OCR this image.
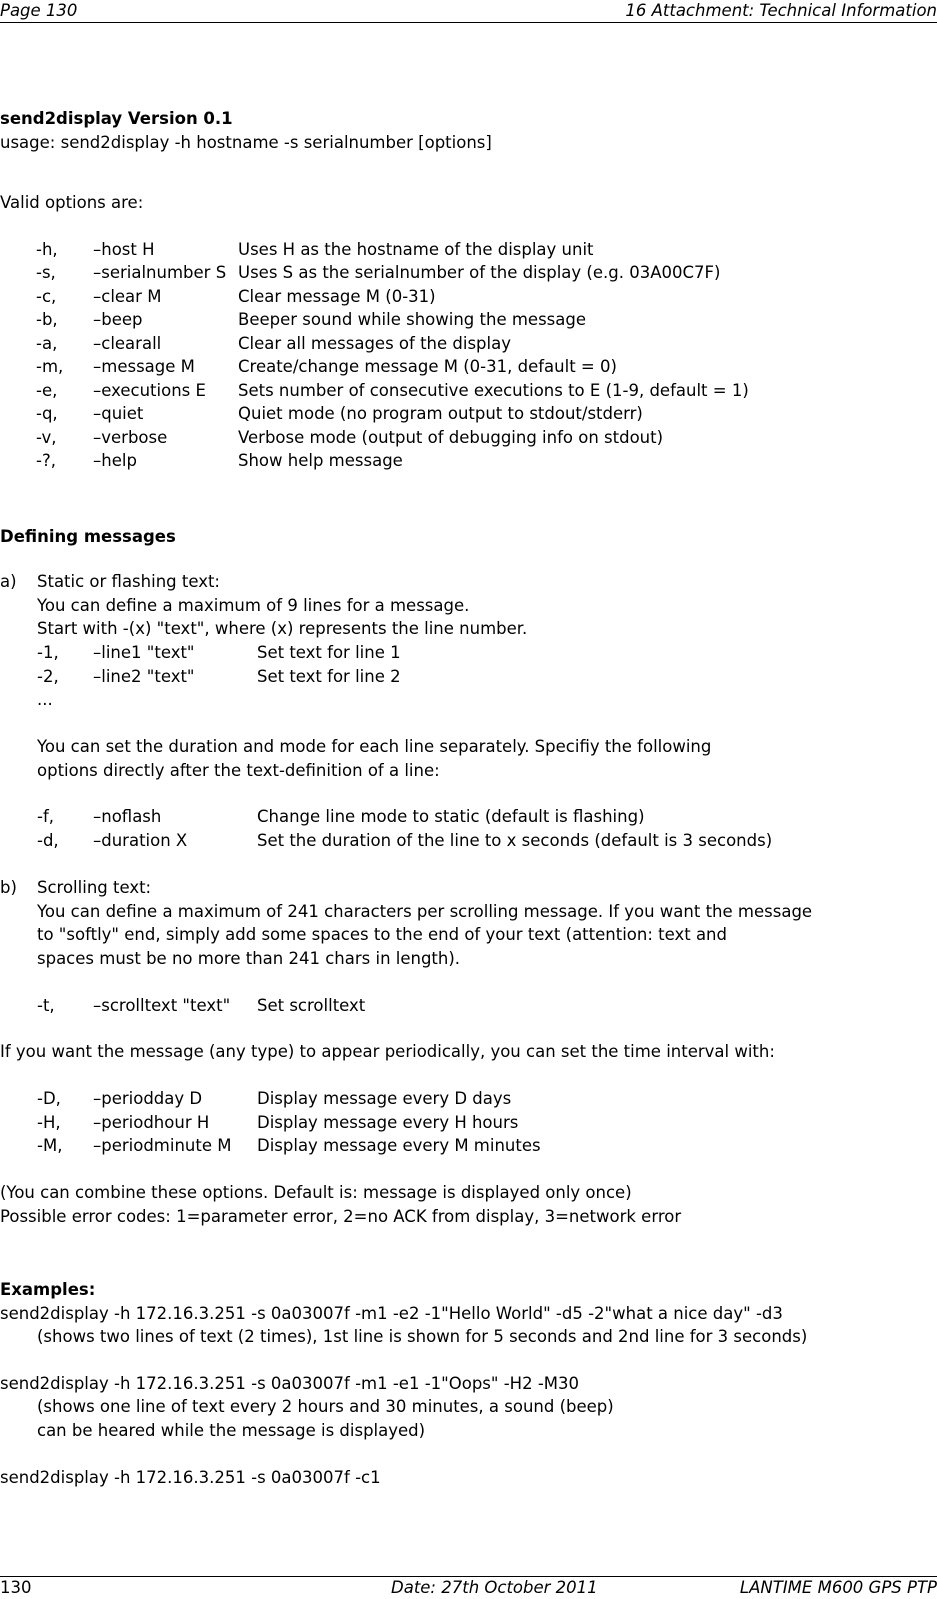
Page 130	16 Attachment: Technical Information
send2display Version 0.1
usage: send2display -h hostname -s serialnumber [options]
Valid options are:
-h, –host H	Uses H as the hostname of the display unit
-s, –serialnumber S Uses S as the serialnumber of the display (e.g. 03A00C7F)
-c, –clear M	Clear message M (0-31)
-b, –beep	Beeper sound while showing the message
-a, –clearall	Clear all messages of the display
-m, –message M	Create/change message M (0-31, default = 0)
-e, –executions E Sets number of consecutive executions to E (1-9, default = 1)
-q, –quiet	Quiet mode (no program output to stdout/stderr)
-v, –verbose	Verbose mode (output of debugging info on stdout)
-?, –help	Show help message
Defining messages
a) Static or flashing text:
You can define a maximum of 9 lines for a message.
Start with -(x) "text", where (x) represents the line number.
-1, –line1 "text"	Set text for line 1
-2, –line2 "text"	Set text for line 2
...
You can set the duration and mode for each line separately. Specifiy the following
options directly after the text-definition of a line:
-f, –noflash	Change line mode to static (default is flashing)
-d, –duration X	Set the duration of the line to x seconds (default is 3 seconds)
b) Scrolling text:
You can define a maximum of 241 characters per scrolling message. If you want the message
to "softly" end, simply add some spaces to the end of your text (attention: text and
spaces must be no more than 241 chars in length).
-t, –scrolltext "text" Set scrolltext
If you want the message (any type) to appear periodically, you can set the time interval with:
-D, –periodday D	Display message every D days
-H, –periodhour H	Display message every H hours
-M, –periodminute M Display message every M minutes
(You can combine these options. Default is: message is displayed only once)
Possible error codes: 1=parameter error, 2=no ACK from display, 3=network error
Examples:
send2display -h 172.16.3.251 -s 0a03007f -m1 -e2 -1"Hello World" -d5 -2"what a nice day" -d3
(shows two lines of text (2 times), 1st line is shown for 5 seconds and 2nd line for 3 seconds)
send2display -h 172.16.3.251 -s 0a03007f -m1 -e1 -1"Oops" -H2 -M30
(shows one line of text every 2 hours and 30 minutes, a sound (beep)
can be heared while the message is displayed)
send2display -h 172.16.3.251 -s 0a03007f -c1
130	Date: 27th October 2011	LANTIME M600 GPS PTP
